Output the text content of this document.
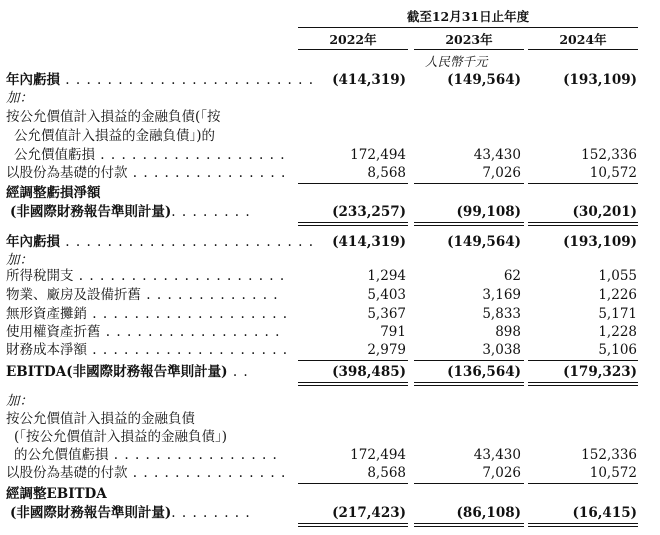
截至12月31日止年度
2022年	2023年	2024年
人民幣千元
年內虧損 . . . . . . . . . . . . . . . . . . . . . . . . (414,319)	(149,564)	(193,109)
加：
按公允價值計入損益的金融負債(「按
公允價值計入損益的金融負債」)的
公允價值虧損 . . . . . . . . . . . . . . . . . .	172,494	43,430	152,336
以股份為基礎的付款 . . . . . . . . . . . . . . .	8,568	7,026	10,572
經調整虧損淨額
(非國際財務報告準則計量). . . . . . . .	(233,257)	(99,108)	(30,201)
年內虧損 . . . . . . . . . . . . . . . . . . . . . . . . (414,319)	(149,564)	(193,109)
加：
所得稅開支 . . . . . . . . . . . . . . . . . . . .	1,294	62	1,055
物業、廠房及設備折舊 . . . . . . . . . . . . .	5,403	3,169	1,226
無形資產攤銷 . . . . . . . . . . . . . . . . . . .	5,367	5,833	5,171
使用權資產折舊 . . . . . . . . . . . . . . . . .	791	898	1,228
財務成本淨額 . . . . . . . . . . . . . . . . . . .	2,979	3,038	5,106
EBITDA(非國際財務報告準則計量) . .	(398,485)	(136,564)	(179,323)
加：
按公允價值計入損益的金融負債
(「按公允價值計入損益的金融負債」)
的公允價值虧損 . . . . . . . . . . . . . . . .	172,494	43,430	152,336
以股份為基礎的付款 . . . . . . . . . . . . . . .	8,568	7,026	10,572
經調整EBITDA
(非國際財務報告準則計量). . . . . . . .	(217,423)	(86,108)	(16,415)
